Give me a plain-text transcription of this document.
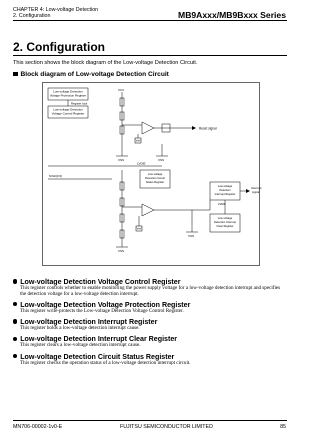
CHAPTER 4: Low-voltage Detection
2. Configuration	MB9Axxx/MB9Bxxx Series
2. Configuration
This section shows the block diagram of the Low-voltage Detection Circuit.
Block diagram of Low-voltage Detection Circuit
Low-voltage Detection
Voltage Protection Register
Register lock
Low-voltage Detection
Voltage Control Register
VCC
Reset signal
Vref
VSS	VSS
LVDIE
SVHI[3:0]	Low-voltage
Detection Circuit
Status Register
Vref
Low-voltage
Detection
Interrupt Register
Interrupt
signal
LVDIF
Low-voltage
Detection Interrupt
Clear Register
VSS
VSS
Low-voltage Detection Voltage Control Register
This register controls whether to enable monitoring the power supply voltage for a low-voltage detection interrupt and specifies the detection voltage for a low-voltage detection interrupt.
Low-voltage Detection Voltage Protection Register
This register write-protects the Low-voltage Detection Voltage Control Register.
Low-voltage Detection Interrupt Register
This register holds a low-voltage detection interrupt cause.
Low-voltage Detection Interrupt Clear Register
This register clears a low-voltage detection interrupt cause.
Low-voltage Detection Circuit Status Register
This register checks the operation status of a low-voltage detection interrupt circuit.
MN706-00002-1v0-E	FUJITSU SEMICONDUCTOR LIMITED	85
